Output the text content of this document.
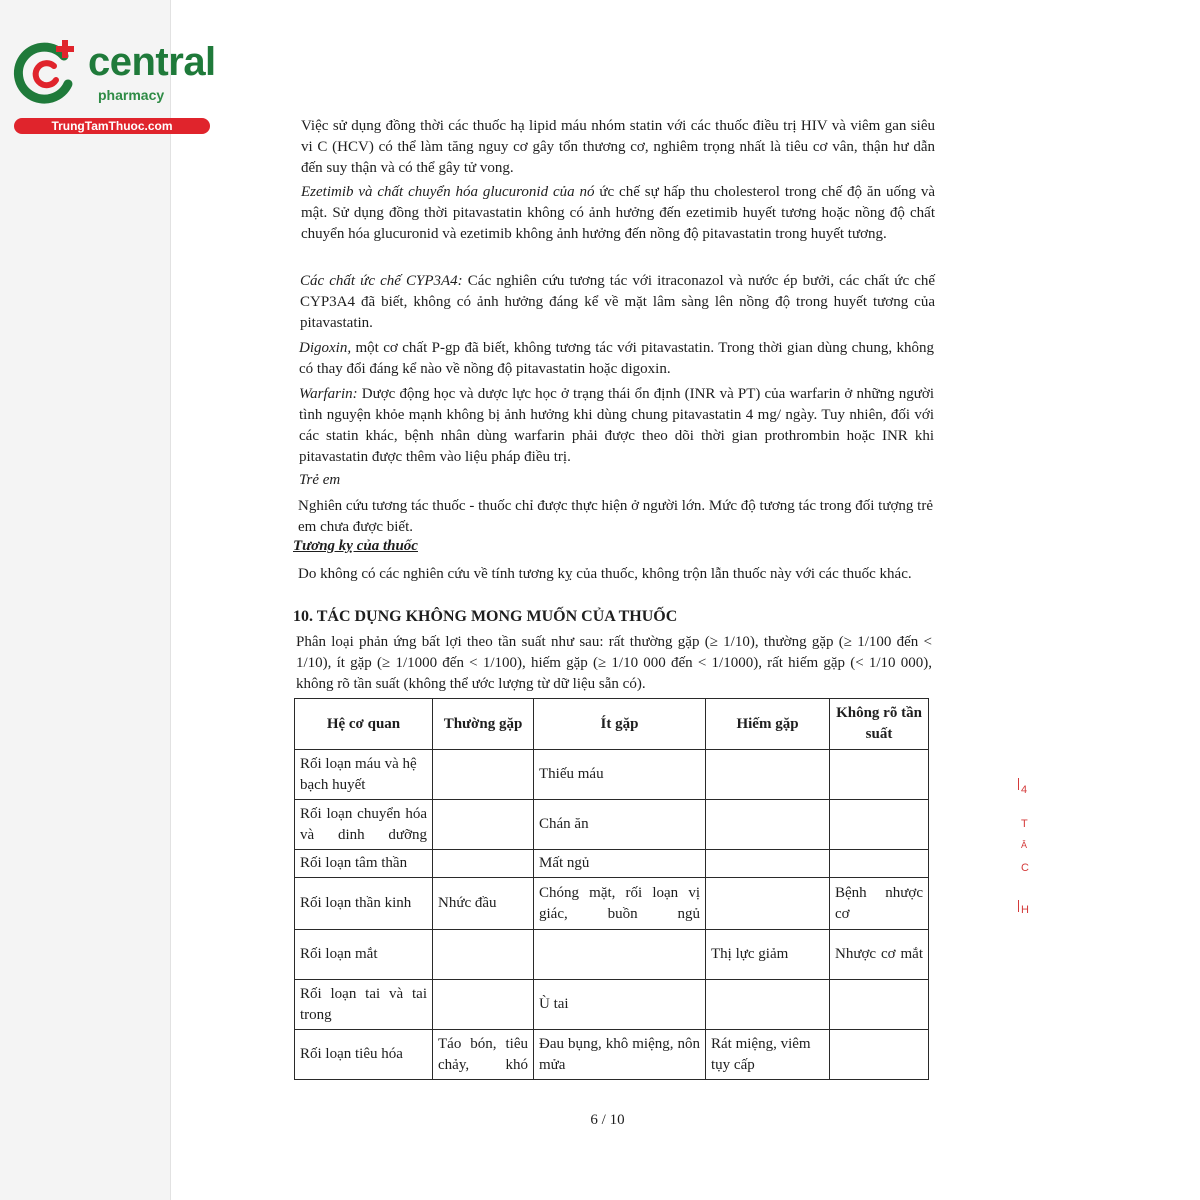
central
pharmacy
TrungTamThuoc.com	Việc sử dụng đồng thời các thuốc hạ lipid máu nhóm statin với các thuốc điều trị HIV và viêm gan siêu vi C (HCV) có thể làm tăng nguy cơ gây tổn thương cơ, nghiêm trọng nhất là tiêu cơ vân, thận hư dẫn đến suy thận và có thể gây tử vong.
Ezetimib và chất chuyển hóa glucuronid của nó ức chế sự hấp thu cholesterol trong chế độ ăn uống và mật. Sử dụng đồng thời pitavastatin không có ảnh hưởng đến ezetimib huyết tương hoặc nồng độ chất chuyển hóa glucuronid và ezetimib không ảnh hưởng đến nồng độ pitavastatin trong huyết tương.
Các chất ức chế CYP3A4: Các nghiên cứu tương tác với itraconazol và nước ép bưởi, các chất ức chế CYP3A4 đã biết, không có ảnh hưởng đáng kể về mặt lâm sàng lên nồng độ trong huyết tương của pitavastatin.
Digoxin, một cơ chất P-gp đã biết, không tương tác với pitavastatin. Trong thời gian dùng chung, không có thay đổi đáng kể nào về nồng độ pitavastatin hoặc digoxin.
Warfarin: Dược động học và dược lực học ở trạng thái ổn định (INR và PT) của warfarin ở những người tình nguyện khỏe mạnh không bị ảnh hưởng khi dùng chung pitavastatin 4 mg/ ngày. Tuy nhiên, đối với các statin khác, bệnh nhân dùng warfarin phải được theo dõi thời gian prothrombin hoặc INR khi pitavastatin được thêm vào liệu pháp điều trị.
Trẻ em
Nghiên cứu tương tác thuốc - thuốc chỉ được thực hiện ở người lớn. Mức độ tương tác trong đối tượng trẻ em chưa được biết.
Tương kỵ của thuốc
Do không có các nghiên cứu về tính tương kỵ của thuốc, không trộn lẫn thuốc này với các thuốc khác.
10. TÁC DỤNG KHÔNG MONG MUỐN CỦA THUỐC
Phân loại phản ứng bất lợi theo tần suất như sau: rất thường gặp (≥ 1/10), thường gặp (≥ 1/100 đến < 1/10), ít gặp (≥ 1/1000 đến < 1/100), hiếm gặp (≥ 1/10 000 đến < 1/1000), rất hiếm gặp (< 1/10 000), không rõ tần suất (không thể ước lượng từ dữ liệu sẵn có).
Hệ cơ quan	Thường gặp	Ít gặp	Hiếm gặp	Không rõ tần suất
Rối loạn máu và hệ bạch huyết		Thiếu máu		
Rối loạn chuyển hóa và dinh dưỡng		Chán ăn		
Rối loạn tâm thần		Mất ngủ		
Rối loạn thần kinh	Nhức đầu	Chóng mặt, rối loạn vị giác, buồn ngủ		Bệnh nhược cơ
Rối loạn mắt			Thị lực giảm	Nhược cơ mắt
Rối loạn tai và tai trong		Ù tai		
Rối loạn tiêu hóa	Táo bón, tiêu chảy, khó	Đau bụng, khô miệng, nôn mửa	Rát miệng, viêm tụy cấp	
6 / 10
4
T
Â
C
H
